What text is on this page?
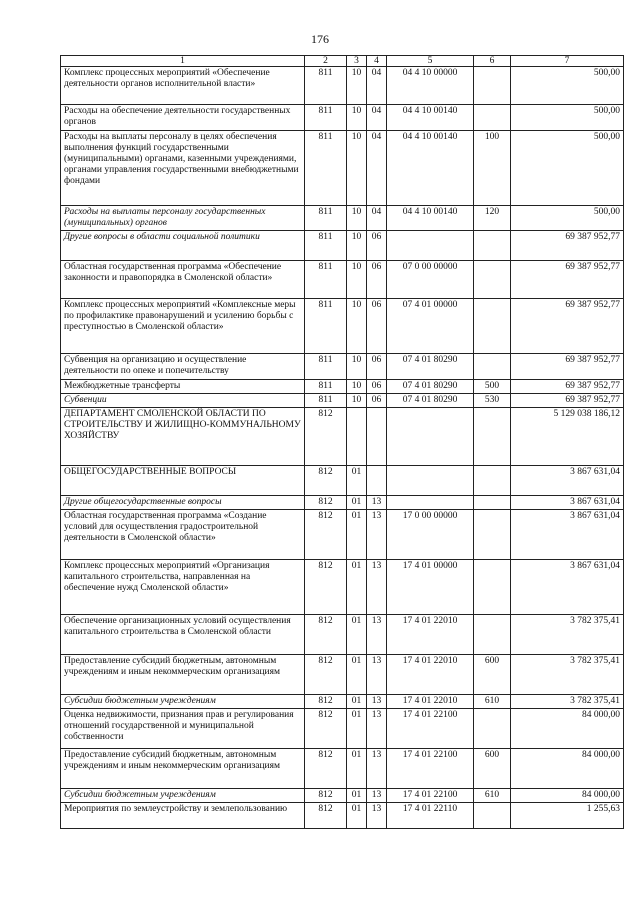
176
1	2	3	4	5	6	7
Комплекс процессных мероприятий «Обеспечение деятельности органов исполнительной власти»	811	10	04	04 4 10 00000		500,00
Расходы на обеспечение деятельности государственных органов	811	10	04	04 4 10 00140		500,00
Расходы на выплаты персоналу в целях обеспечения выполнения функций государственными (муниципальными) органами, казенными учреждениями, органами управления государственными внебюджетными фондами	811	10	04	04 4 10 00140	100	500,00
Расходы на выплаты персоналу государственных (муниципальных) органов	811	10	04	04 4 10 00140	120	500,00
Другие вопросы в области социальной политики	811	10	06			69 387 952,77
Областная государственная программа «Обеспечение законности и правопорядка в Смоленской области»	811	10	06	07 0 00 00000		69 387 952,77
Комплекс процессных мероприятий «Комплексные меры по профилактике правонарушений и усилению борьбы с преступностью в Смоленской области»	811	10	06	07 4 01 00000		69 387 952,77
Субвенция на организацию и осуществление деятельности по опеке и попечительству	811	10	06	07 4 01 80290		69 387 952,77
Межбюджетные трансферты	811	10	06	07 4 01 80290	500	69 387 952,77
Субвенции	811	10	06	07 4 01 80290	530	69 387 952,77
ДЕПАРТАМЕНТ СМОЛЕНСКОЙ ОБЛАСТИ ПО СТРОИТЕЛЬСТВУ И ЖИЛИЩНО-КОММУНАЛЬНОМУ ХОЗЯЙСТВУ	812					5 129 038 186,12
ОБЩЕГОСУДАРСТВЕННЫЕ ВОПРОСЫ	812	01				3 867 631,04
Другие общегосударственные вопросы	812	01	13			3 867 631,04
Областная государственная программа «Создание условий для осуществления градостроительной деятельности в Смоленской области»	812	01	13	17 0 00 00000		3 867 631,04
Комплекс процессных мероприятий «Организация капитального строительства, направленная на обеспечение нужд Смоленской области»	812	01	13	17 4 01 00000		3 867 631,04
Обеспечение организационных условий осуществления капитального строительства в Смоленской области	812	01	13	17 4 01 22010		3 782 375,41
Предоставление субсидий бюджетным, автономным учреждениям и иным некоммерческим организациям	812	01	13	17 4 01 22010	600	3 782 375,41
Субсидии бюджетным учреждениям	812	01	13	17 4 01 22010	610	3 782 375,41
Оценка недвижимости, признания прав и регулирования отношений государственной и муниципальной собственности	812	01	13	17 4 01 22100		84 000,00
Предоставление субсидий бюджетным, автономным учреждениям и иным некоммерческим организациям	812	01	13	17 4 01 22100	600	84 000,00
Субсидии бюджетным учреждениям	812	01	13	17 4 01 22100	610	84 000,00
Мероприятия по землеустройству и землепользованию	812	01	13	17 4 01 22110		1 255,63
